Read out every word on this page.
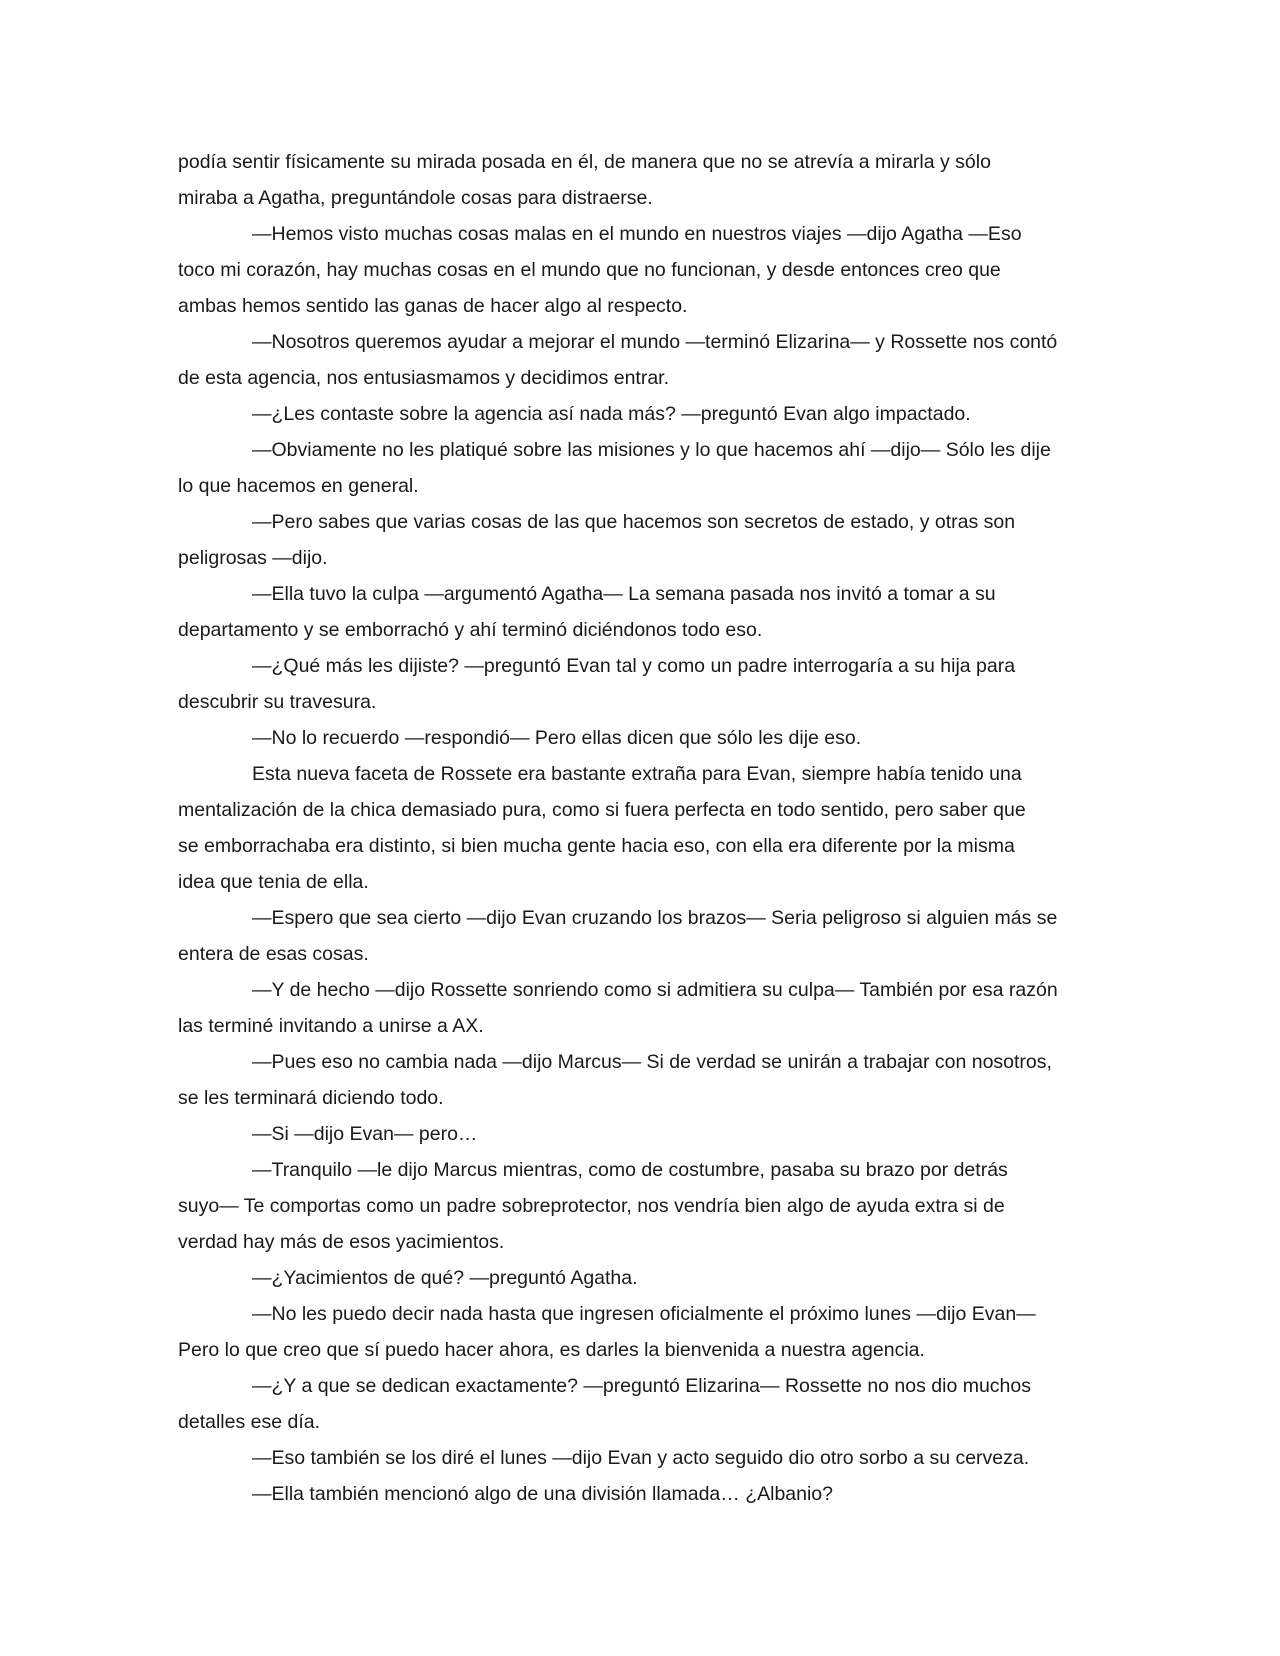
podía sentir físicamente su mirada posada en él, de manera que no se atrevía a mirarla y sólo
miraba a Agatha, preguntándole cosas para distraerse.

—Hemos visto muchas cosas malas en el mundo en nuestros viajes —dijo Agatha —Eso
toco mi corazón, hay muchas cosas en el mundo que no funcionan, y desde entonces creo que
ambas hemos sentido las ganas de hacer algo al respecto.

—Nosotros queremos ayudar a mejorar el mundo —terminó Elizarina— y Rossette nos contó
de esta agencia, nos entusiasmamos y decidimos entrar.

—¿Les contaste sobre la agencia así nada más? —preguntó Evan algo impactado.

—Obviamente no les platiqué sobre las misiones y lo que hacemos ahí —dijo— Sólo les dije
lo que hacemos en general.

—Pero sabes que varias cosas de las que hacemos son secretos de estado, y otras son
peligrosas —dijo.

—Ella tuvo la culpa —argumentó Agatha— La semana pasada nos invitó a tomar a su
departamento y se emborrachó y ahí terminó diciéndonos todo eso.

—¿Qué más les dijiste? —preguntó Evan tal y como un padre interrogaría a su hija para
descubrir su travesura.

—No lo recuerdo —respondió— Pero ellas dicen que sólo les dije eso.

Esta nueva faceta de Rossete era bastante extraña para Evan, siempre había tenido una
mentalización de la chica demasiado pura, como si fuera perfecta en todo sentido, pero saber que
se emborrachaba era distinto, si bien mucha gente hacia eso, con ella era diferente por la misma
idea que tenia de ella.

—Espero que sea cierto —dijo Evan cruzando los brazos— Seria peligroso si alguien más se
entera de esas cosas.

—Y de hecho —dijo Rossette sonriendo como si admitiera su culpa— También por esa razón
las terminé invitando a unirse a AX.

—Pues eso no cambia nada —dijo Marcus— Si de verdad se unirán a trabajar con nosotros,
se les terminará diciendo todo.

—Si —dijo Evan— pero…

—Tranquilo —le dijo Marcus mientras, como de costumbre, pasaba su brazo por detrás
suyo— Te comportas como un padre sobreprotector, nos vendría bien algo de ayuda extra si de
verdad hay más de esos yacimientos.

—¿Yacimientos de qué? —preguntó Agatha.

—No les puedo decir nada hasta que ingresen oficialmente el próximo lunes —dijo Evan—
Pero lo que creo que sí puedo hacer ahora, es darles la bienvenida a nuestra agencia.

—¿Y a que se dedican exactamente? —preguntó Elizarina— Rossette no nos dio muchos
detalles ese día.

—Eso también se los diré el lunes —dijo Evan y acto seguido dio otro sorbo a su cerveza.

—Ella también mencionó algo de una división llamada… ¿Albanio?
